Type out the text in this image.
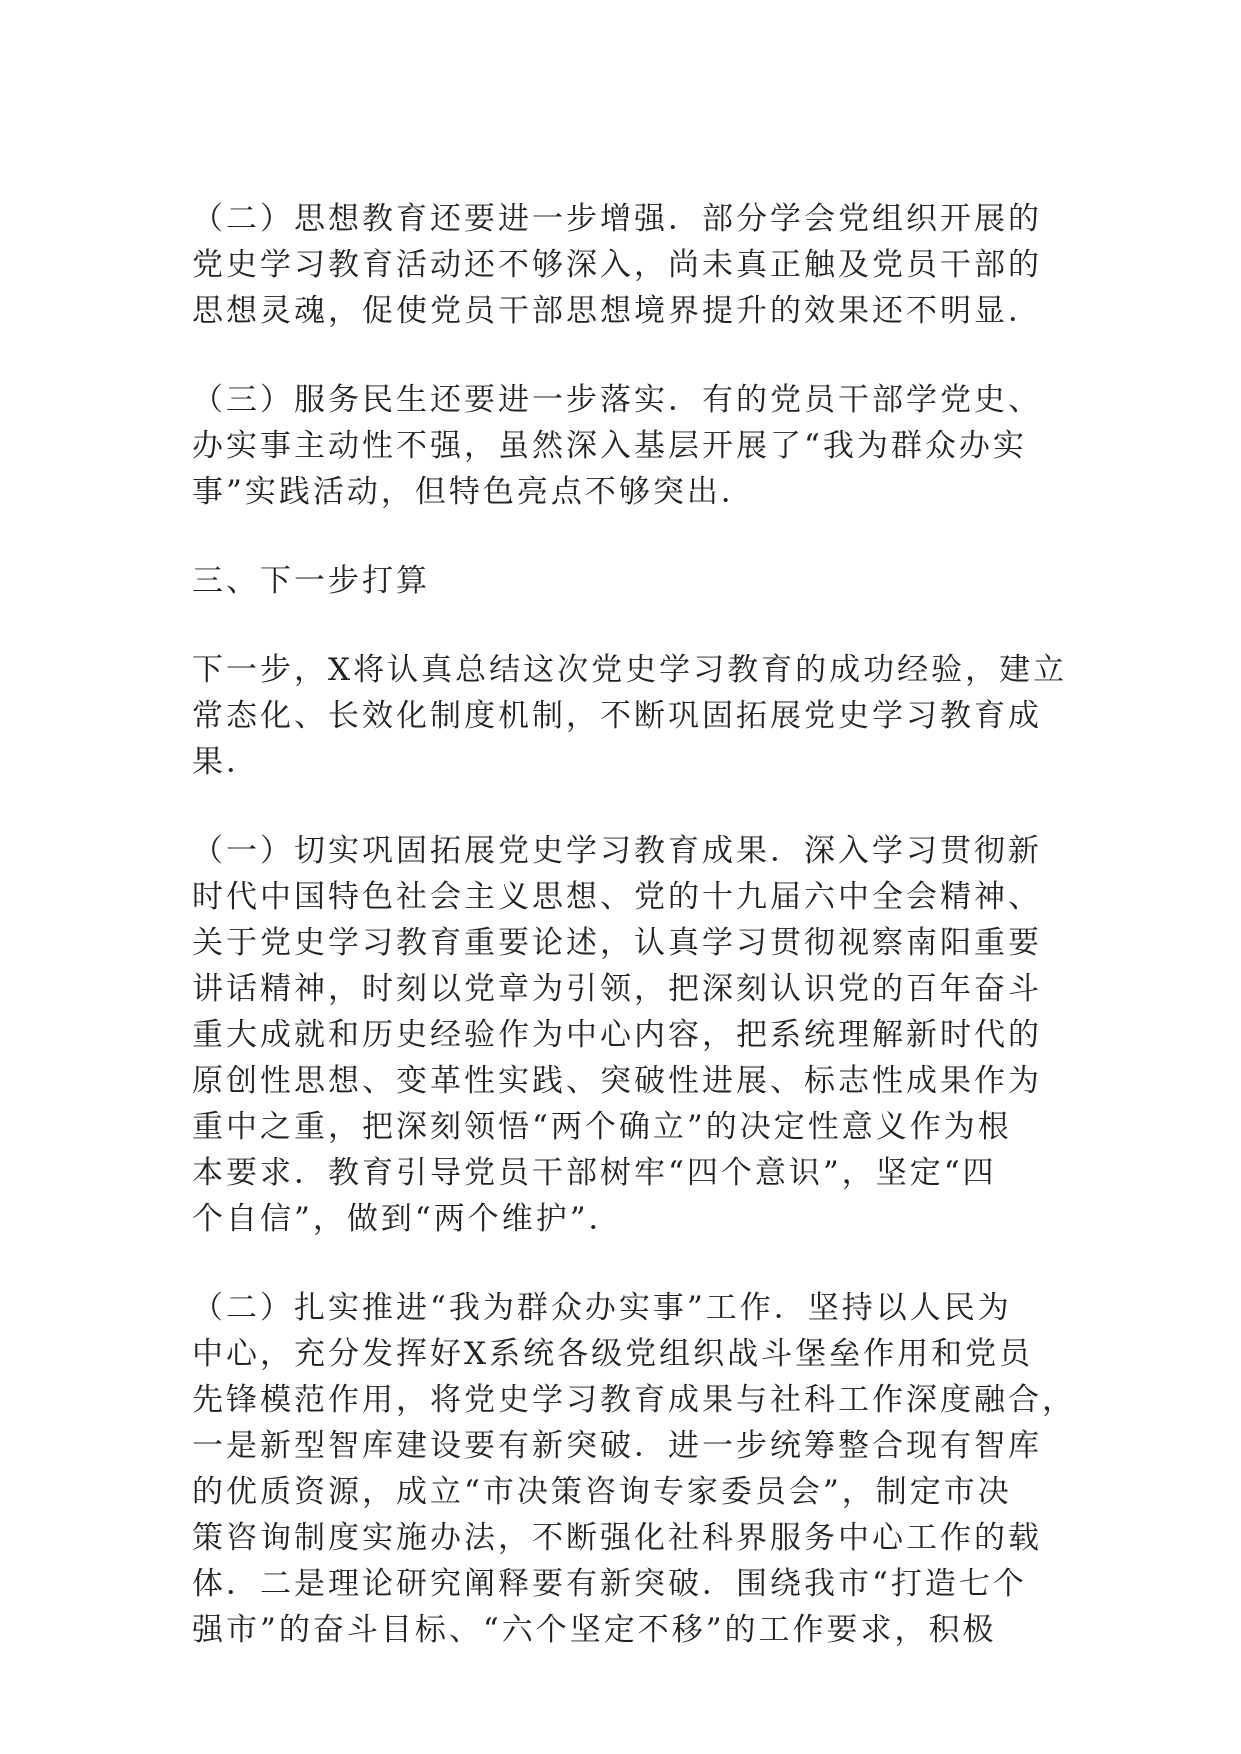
（二）思想教育还要进一步增强．部分学会党组织开展的
党史学习教育活动还不够深入，尚未真正触及党员干部的
思想灵魂，促使党员干部思想境界提升的效果还不明显．
（三）服务民生还要进一步落实．有的党员干部学党史、
办实事主动性不强，虽然深入基层开展了“我为群众办实
事”实践活动，但特色亮点不够突出．
三、下一步打算
下一步，X将认真总结这次党史学习教育的成功经验，建立
常态化、长效化制度机制，不断巩固拓展党史学习教育成
果．
（一）切实巩固拓展党史学习教育成果．深入学习贯彻新
时代中国特色社会主义思想、党的十九届六中全会精神、
关于党史学习教育重要论述，认真学习贯彻视察南阳重要
讲话精神，时刻以党章为引领，把深刻认识党的百年奋斗
重大成就和历史经验作为中心内容，把系统理解新时代的
原创性思想、变革性实践、突破性进展、标志性成果作为
重中之重，把深刻领悟“两个确立”的决定性意义作为根
本要求．教育引导党员干部树牢“四个意识”，坚定“四
个自信”，做到“两个维护”．
（二）扎实推进“我为群众办实事”工作．坚持以人民为
中心，充分发挥好X系统各级党组织战斗堡垒作用和党员
先锋模范作用，将党史学习教育成果与社科工作深度融合，
一是新型智库建设要有新突破．进一步统筹整合现有智库
的优质资源，成立“市决策咨询专家委员会”，制定市决
策咨询制度实施办法，不断强化社科界服务中心工作的载
体．二是理论研究阐释要有新突破．围绕我市“打造七个
强市”的奋斗目标、“六个坚定不移”的工作要求，积极
